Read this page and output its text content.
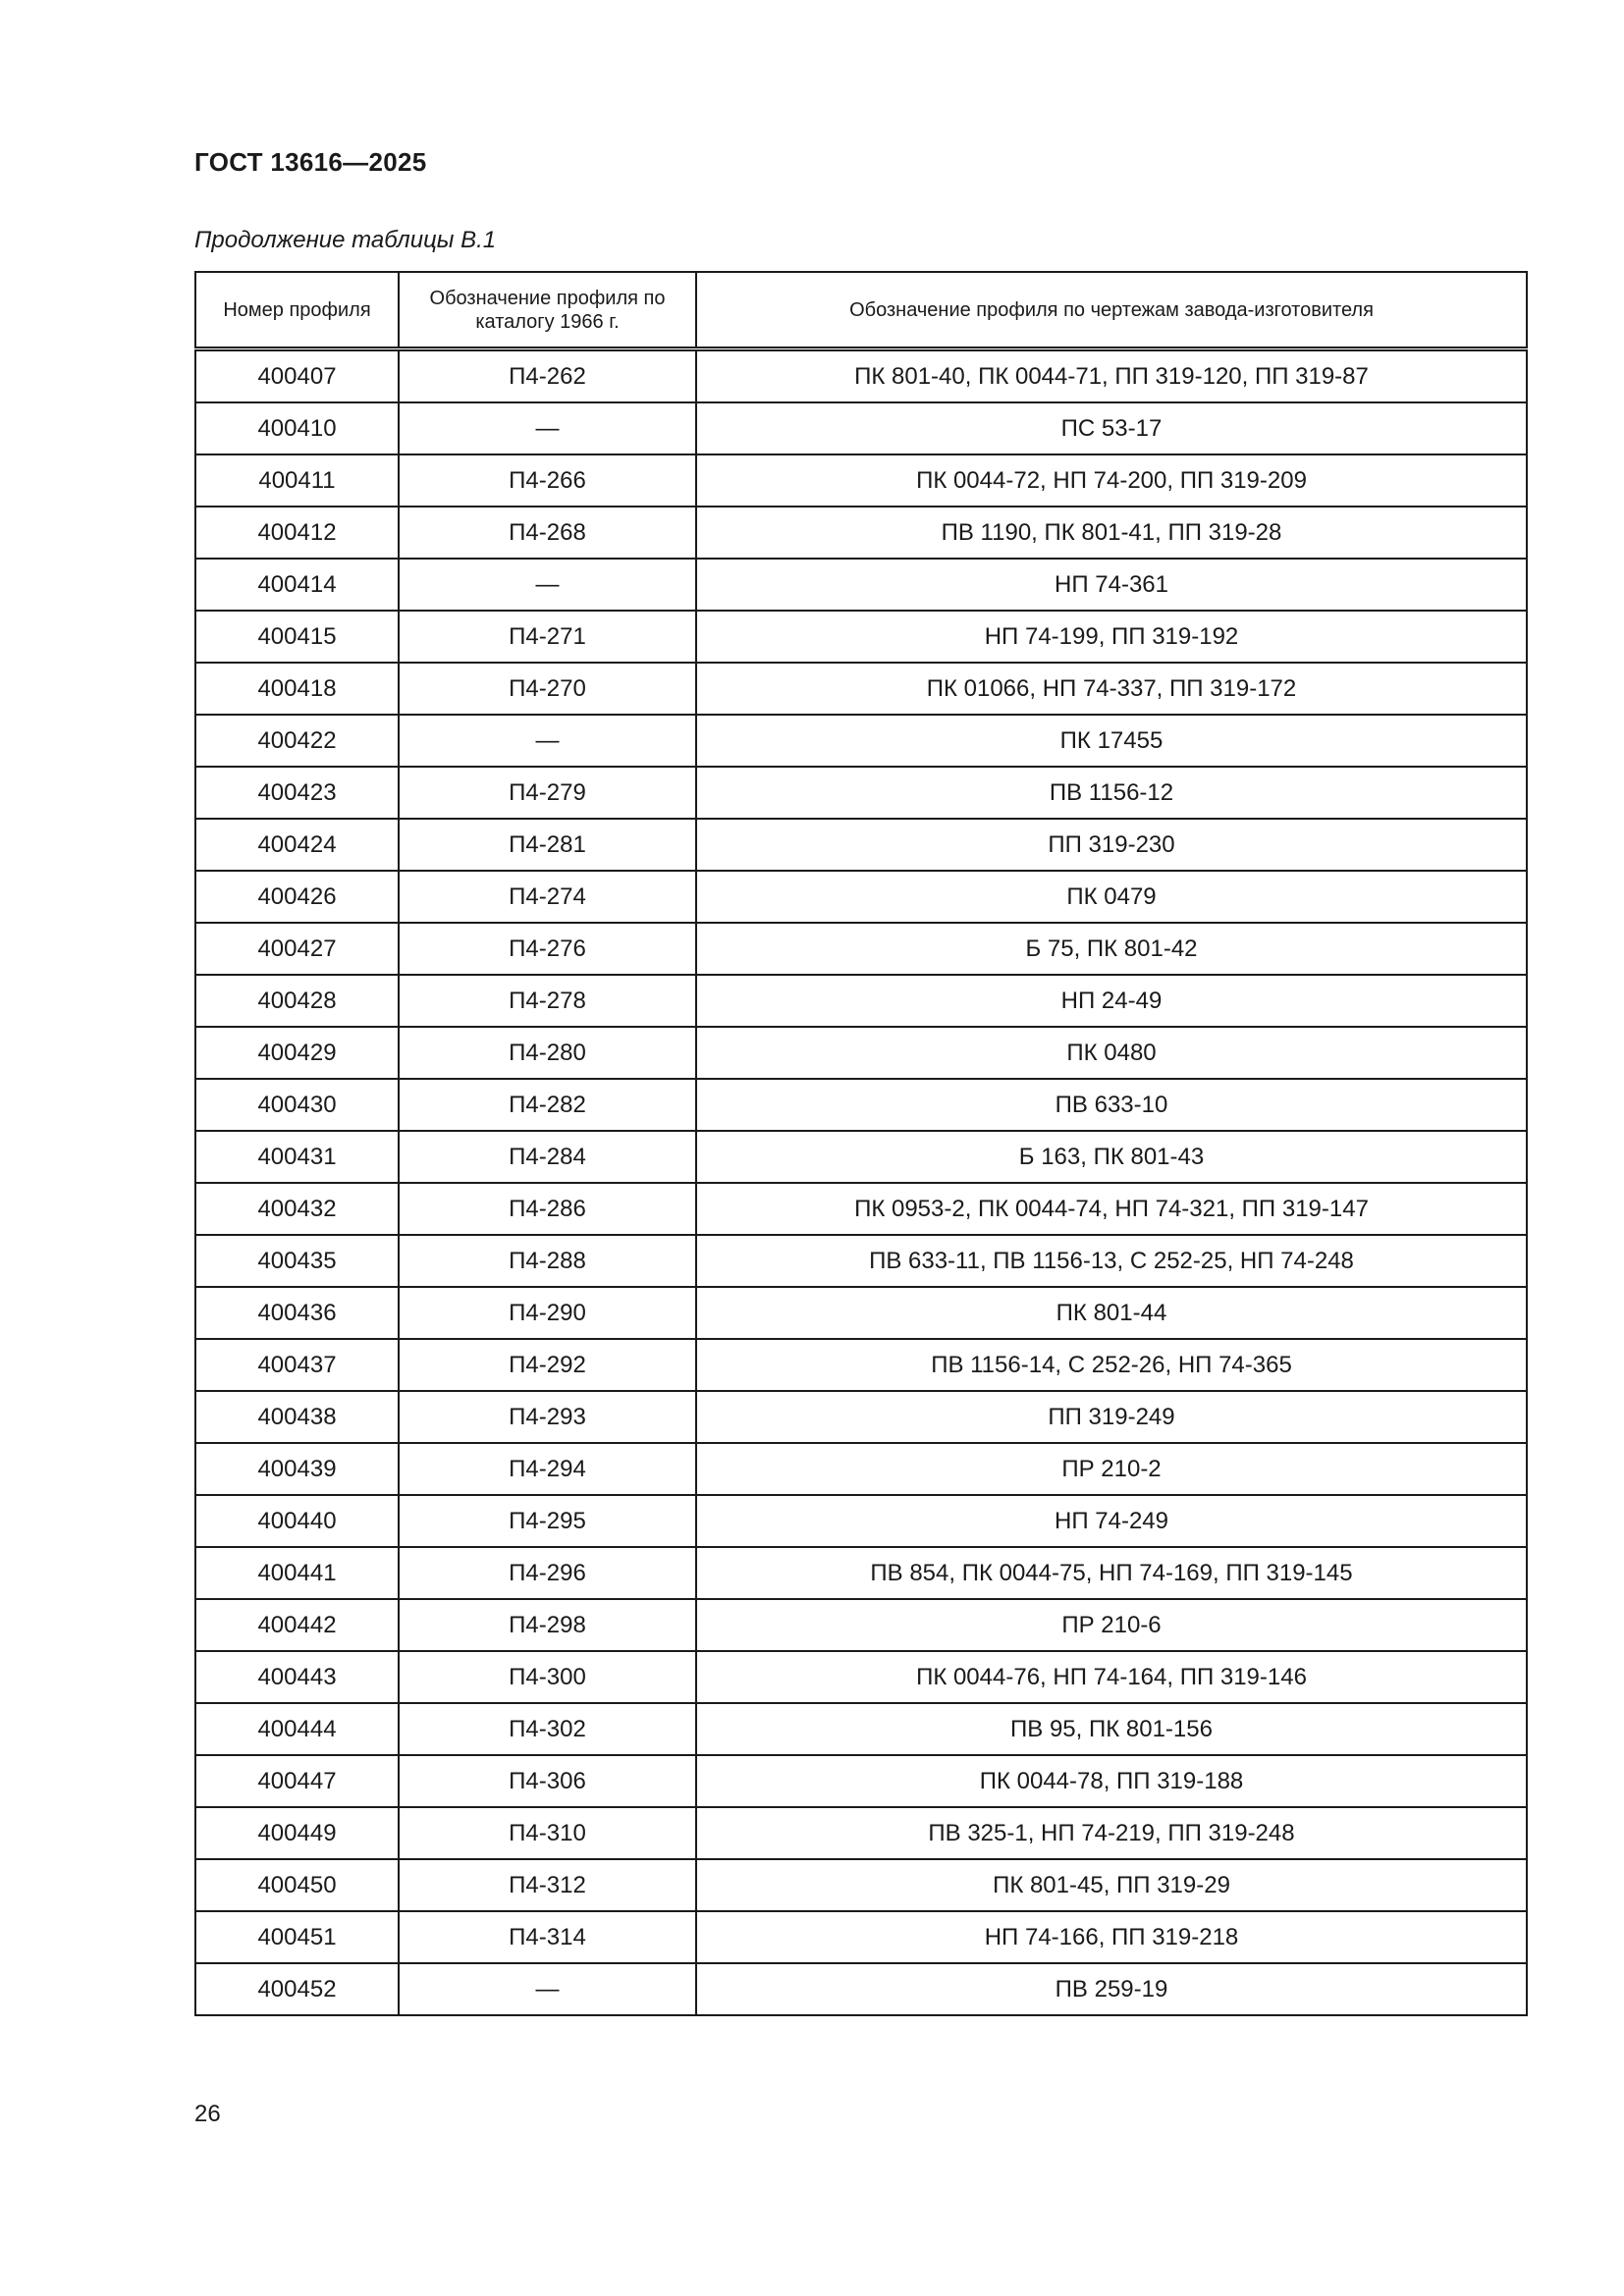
ГОСТ 13616—2025
Продолжение таблицы В.1
Номер профиля	Обозначение профиля по каталогу 1966 г.	Обозначение профиля по чертежам завода-изготовителя
400407	П4-262	ПК 801-40, ПК 0044-71, ПП 319-120, ПП 319-87
400410	—	ПС 53-17
400411	П4-266	ПК 0044-72, НП 74-200, ПП 319-209
400412	П4-268	ПВ 1190, ПК 801-41, ПП 319-28
400414	—	НП 74-361
400415	П4-271	НП 74-199, ПП 319-192
400418	П4-270	ПК 01066, НП 74-337, ПП 319-172
400422	—	ПК 17455
400423	П4-279	ПВ 1156-12
400424	П4-281	ПП 319-230
400426	П4-274	ПК 0479
400427	П4-276	Б 75, ПК 801-42
400428	П4-278	НП 24-49
400429	П4-280	ПК 0480
400430	П4-282	ПВ 633-10
400431	П4-284	Б 163, ПК 801-43
400432	П4-286	ПК 0953-2, ПК 0044-74, НП 74-321, ПП 319-147
400435	П4-288	ПВ 633-11, ПВ 1156-13, С 252-25, НП 74-248
400436	П4-290	ПК 801-44
400437	П4-292	ПВ 1156-14, С 252-26, НП 74-365
400438	П4-293	ПП 319-249
400439	П4-294	ПР 210-2
400440	П4-295	НП 74-249
400441	П4-296	ПВ 854, ПК 0044-75, НП 74-169, ПП 319-145
400442	П4-298	ПР 210-6
400443	П4-300	ПК 0044-76, НП 74-164, ПП 319-146
400444	П4-302	ПВ 95, ПК 801-156
400447	П4-306	ПК 0044-78, ПП 319-188
400449	П4-310	ПВ 325-1, НП 74-219, ПП 319-248
400450	П4-312	ПК 801-45, ПП 319-29
400451	П4-314	НП 74-166, ПП 319-218
400452	—	ПВ 259-19
26
